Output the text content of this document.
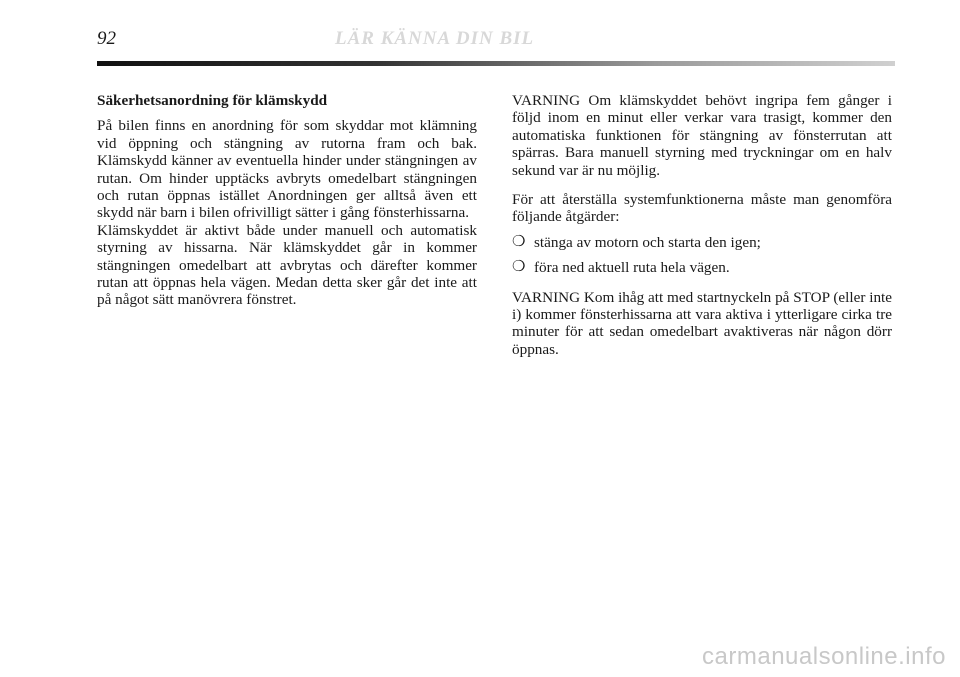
92	LÄR KÄNNA DIN BIL

Säkerhetsanordning för klämskydd

På bilen finns en anordning för som skyddar mot klämning vid öppning och stängning av rutorna fram och bak. Klämskydd känner av eventuella hinder under stängningen av rutan. Om hinder upptäcks avbryts omedelbart stängningen och rutan öppnas istället Anordningen ger alltså även ett skydd när barn i bilen ofrivilligt sätter i gång fönsterhissarna.

Klämskyddet är aktivt både under manuell och automatisk styrning av hissarna. När klämskyddet går in kommer stängningen omedelbart att avbrytas och därefter kommer rutan att öppnas hela vägen. Medan detta sker går det inte att på något sätt manövrera fönstret.

VARNING Om klämskyddet behövt ingripa fem gånger i följd inom en minut eller verkar vara trasigt, kommer den automatiska funktionen för stängning av fönsterrutan att spärras. Bara manuell styrning med tryckningar om en halv sekund var är nu möjlig.

För att återställa systemfunktionerna måste man genomföra följande åtgärder:

❍ stänga av motorn och starta den igen;
❍ föra ned aktuell ruta hela vägen.

VARNING Kom ihåg att med startnyckeln på STOP (eller inte i) kommer fönsterhissarna att vara aktiva i ytterligare cirka tre minuter för att sedan omedelbart avaktiveras när någon dörr öppnas.

carmanualsonline.info
